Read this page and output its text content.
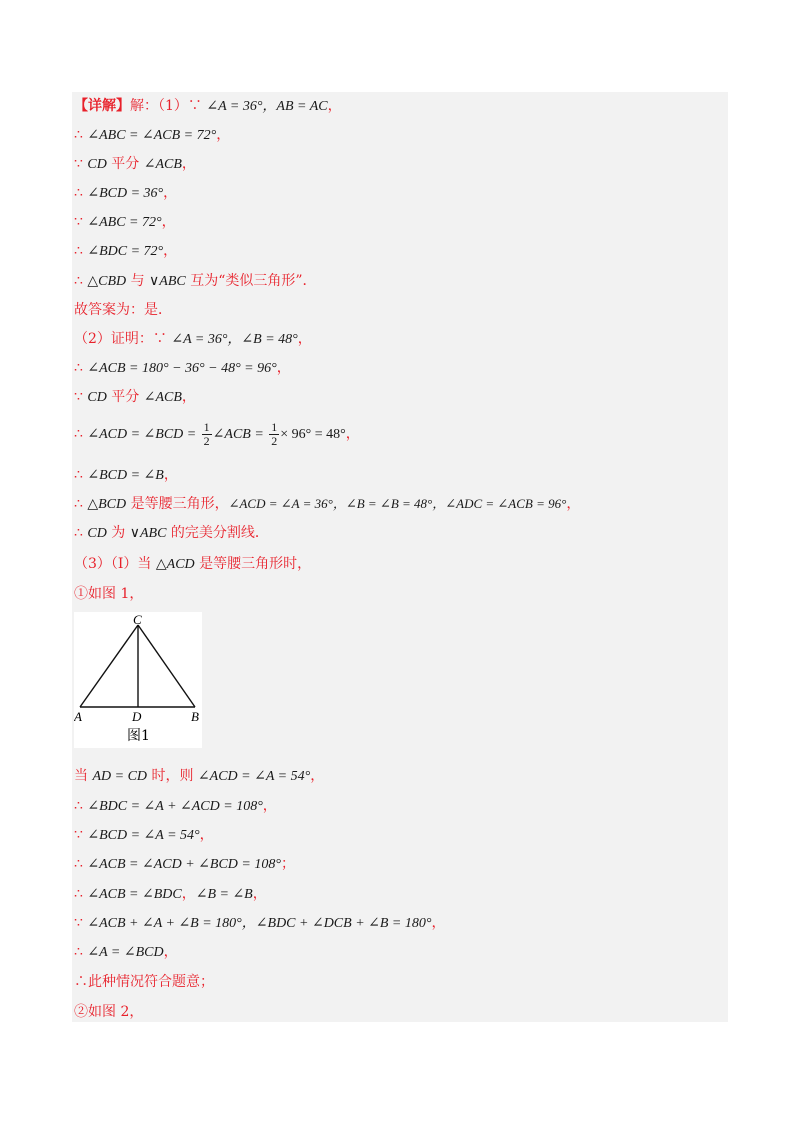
【详解】解：（1）∵ ∠A = 36°，AB = AC，
∴ ∠ABC = ∠ACB = 72°，
∵ CD 平分 ∠ACB，
∴ ∠BCD = 36°，
∵ ∠ABC = 72°，
∴ ∠BDC = 72°，
∴ △CBD 与 ∨ABC 互为“类似三角形”．
故答案为：是．
（2）证明：∵ ∠A = 36°，∠B = 48°，
∴ ∠ACB = 180° − 36° − 48° = 96°，
∵ CD 平分 ∠ACB，
∴ ∠ACD = ∠BCD = $\frac{1}{2}$ ∠ACB = $\frac{1}{2} \times 96^\circ = 48^\circ$，
∴ ∠BCD = ∠B，
∴ △BCD 是等腰三角形，∠ACD = ∠A = 36°，∠B = ∠B = 48°，∠ADC = ∠ACB = 96°，
∴ CD 为 ∨ABC 的完美分割线．
（3）（Ⅰ）当 △ACD 是等腰三角形时，
①如图 1，
C
A	D	B
图1
当 AD = CD 时，则 ∠ACD = ∠A = 54°，
∴ ∠BDC = ∠A + ∠ACD = 108°，
∵ ∠BCD = ∠A = 54°，
∴ ∠ACB = ∠ACD + ∠BCD = 108°；
∴ ∠ACB = ∠BDC，∠B = ∠B，
∵ ∠ACB + ∠A + ∠B = 180°，∠BDC + ∠DCB + ∠B = 180°，
∴ ∠A = ∠BCD，
∴此种情况符合题意；
②如图 2，
